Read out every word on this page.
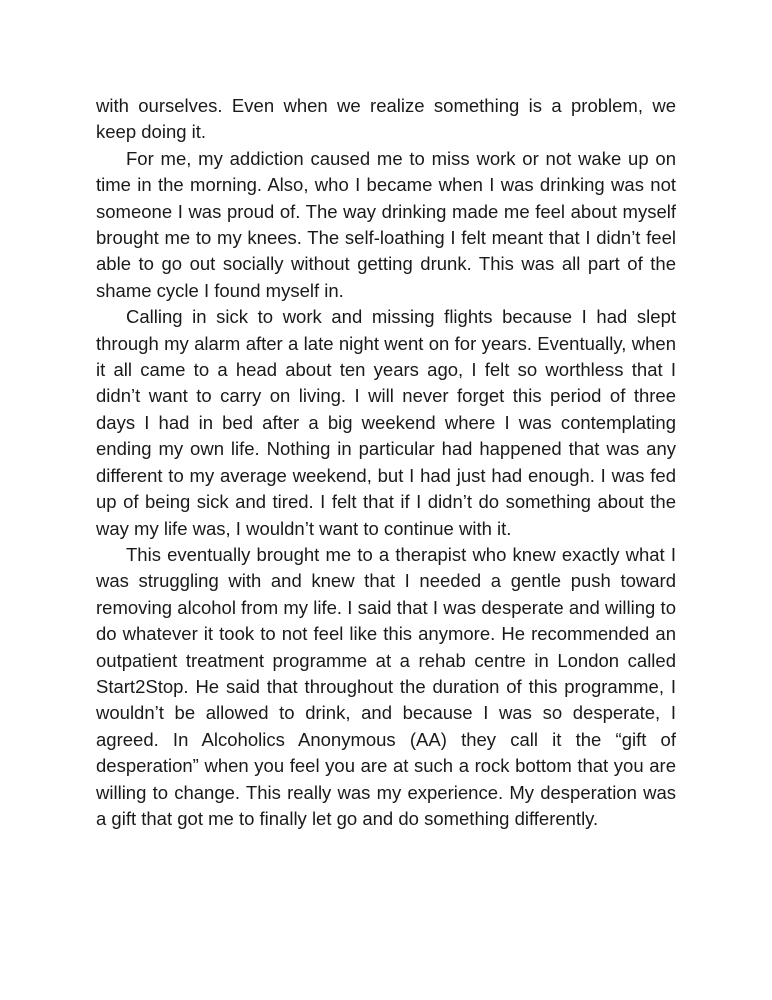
with ourselves. Even when we realize something is a problem, we keep doing it.

For me, my addiction caused me to miss work or not wake up on time in the morning. Also, who I became when I was drinking was not someone I was proud of. The way drinking made me feel about myself brought me to my knees. The self-loathing I felt meant that I didn’t feel able to go out socially without getting drunk. This was all part of the shame cycle I found myself in.

Calling in sick to work and missing flights because I had slept through my alarm after a late night went on for years. Eventually, when it all came to a head about ten years ago, I felt so worthless that I didn’t want to carry on living. I will never forget this period of three days I had in bed after a big weekend where I was contemplating ending my own life. Nothing in particular had happened that was any different to my average weekend, but I had just had enough. I was fed up of being sick and tired. I felt that if I didn’t do something about the way my life was, I wouldn’t want to continue with it.

This eventually brought me to a therapist who knew exactly what I was struggling with and knew that I needed a gentle push toward removing alcohol from my life. I said that I was desperate and willing to do whatever it took to not feel like this anymore. He recommended an outpatient treatment programme at a rehab centre in London called Start2Stop. He said that throughout the duration of this programme, I wouldn’t be allowed to drink, and because I was so desperate, I agreed. In Alcoholics Anonymous (AA) they call it the “gift of desperation” when you feel you are at such a rock bottom that you are willing to change. This really was my experience. My desperation was a gift that got me to finally let go and do something differently.
